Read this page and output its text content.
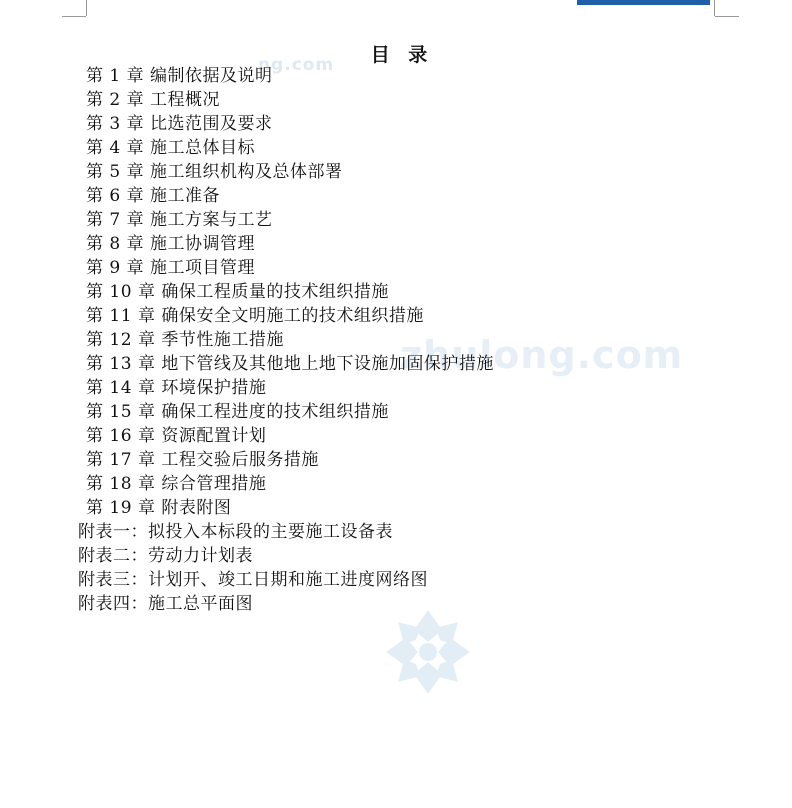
ng.com
zhulong.com
目 录
第 1 章 编制依据及说明
第 2 章 工程概况
第 3 章 比选范围及要求
第 4 章 施工总体目标
第 5 章 施工组织机构及总体部署
第 6 章 施工准备
第 7 章 施工方案与工艺
第 8 章 施工协调管理
第 9 章 施工项目管理
第 10 章 确保工程质量的技术组织措施
第 11 章 确保安全文明施工的技术组织措施
第 12 章 季节性施工措施
第 13 章 地下管线及其他地上地下设施加固保护措施
第 14 章 环境保护措施
第 15 章 确保工程进度的技术组织措施
第 16 章 资源配置计划
第 17 章 工程交验后服务措施
第 18 章 综合管理措施
第 19 章 附表附图
附表一：拟投入本标段的主要施工设备表
附表二：劳动力计划表
附表三：计划开、竣工日期和施工进度网络图
附表四：施工总平面图
